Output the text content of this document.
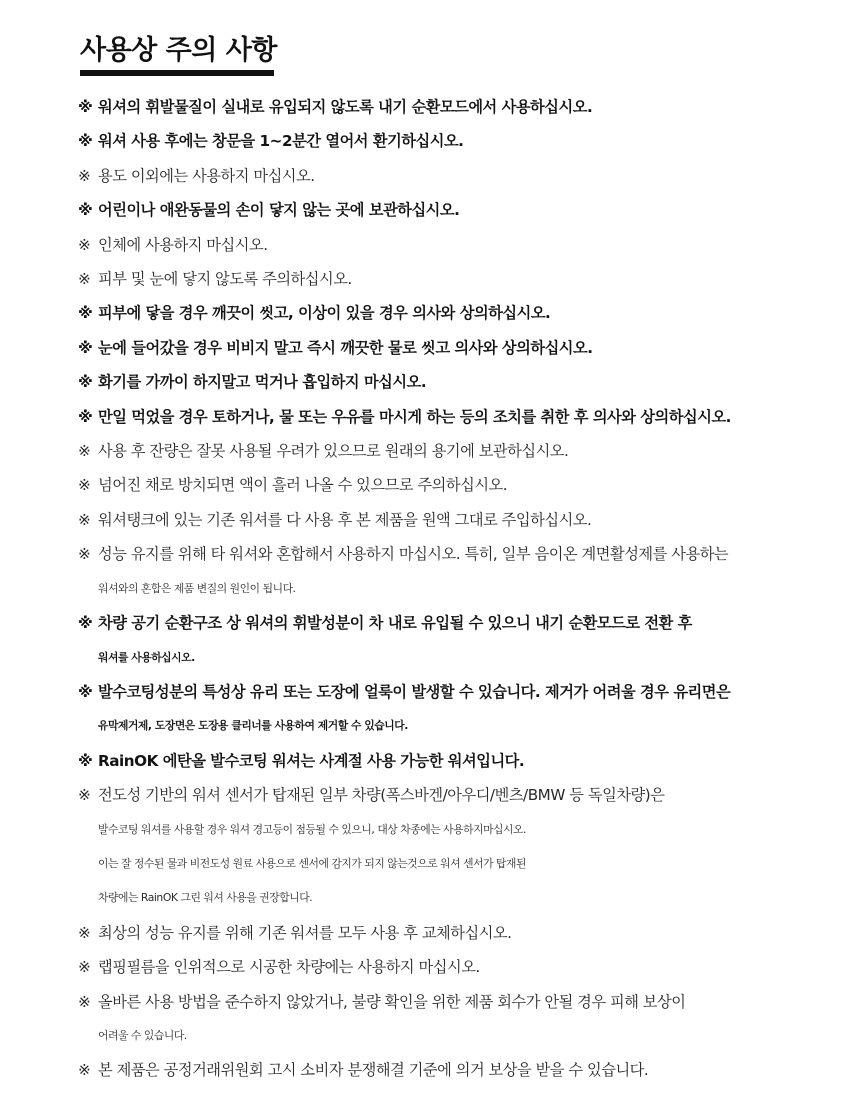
사용상 주의 사항
※ 워셔의 휘발물질이 실내로 유입되지 않도록 내기 순환모드에서 사용하십시오.
※ 워셔 사용 후에는 창문을 1~2분간 열어서 환기하십시오.
※ 용도 이외에는 사용하지 마십시오.
※ 어린이나 애완동물의 손이 닿지 않는 곳에 보관하십시오.
※ 인체에 사용하지 마십시오.
※ 피부 및 눈에 닿지 않도록 주의하십시오.
※ 피부에 닿을 경우 깨끗이 씻고, 이상이 있을 경우 의사와 상의하십시오.
※ 눈에 들어갔을 경우 비비지 말고 즉시 깨끗한 물로 씻고 의사와 상의하십시오.
※ 화기를 가까이 하지말고 먹거나 흡입하지 마십시오.
※ 만일 먹었을 경우 토하거나, 물 또는 우유를 마시게 하는 등의 조치를 취한 후 의사와 상의하십시오.
※ 사용 후 잔량은 잘못 사용될 우려가 있으므로 원래의 용기에 보관하십시오.
※ 넘어진 채로 방치되면 액이 흘러 나올 수 있으므로 주의하십시오.
※ 워셔탱크에 있는 기존 워셔를 다 사용 후 본 제품을 원액 그대로 주입하십시오.
※ 성능 유지를 위해 타 워셔와 혼합해서 사용하지 마십시오. 특히, 일부 음이온 계면활성제를 사용하는
워셔와의 혼합은 제품 변질의 원인이 됩니다.
※ 차량 공기 순환구조 상 워셔의 휘발성분이 차 내로 유입될 수 있으니 내기 순환모드로 전환 후
워셔를 사용하십시오.
※ 발수코팅성분의 특성상 유리 또는 도장에 얼룩이 발생할 수 있습니다. 제거가 어려울 경우 유리면은
유막제거제, 도장면은 도장용 클리너를 사용하여 제거할 수 있습니다.
※ RainOK 에탄올 발수코팅 워셔는 사계절 사용 가능한 워셔입니다.
※ 전도성 기반의 워셔 센서가 탑재된 일부 차량(폭스바겐/아우디/벤츠/BMW 등 독일차량)은
발수코팅 워셔를 사용할 경우 워셔 경고등이 점등될 수 있으니, 대상 차종에는 사용하지마십시오.
이는 잘 정수된 물과 비전도성 원료 사용으로 센서에 감지가 되지 않는것으로 워셔 센서가 탑재된
차량에는 RainOK 그린 워셔 사용을 권장합니다.
※ 최상의 성능 유지를 위해 기존 워셔를 모두 사용 후 교체하십시오.
※ 랩핑필름을 인위적으로 시공한 차량에는 사용하지 마십시오.
※ 올바른 사용 방법을 준수하지 않았거나, 불량 확인을 위한 제품 회수가 안될 경우 피해 보상이
어려울 수 있습니다.
※ 본 제품은 공정거래위원회 고시 소비자 분쟁해결 기준에 의거 보상을 받을 수 있습니다.
